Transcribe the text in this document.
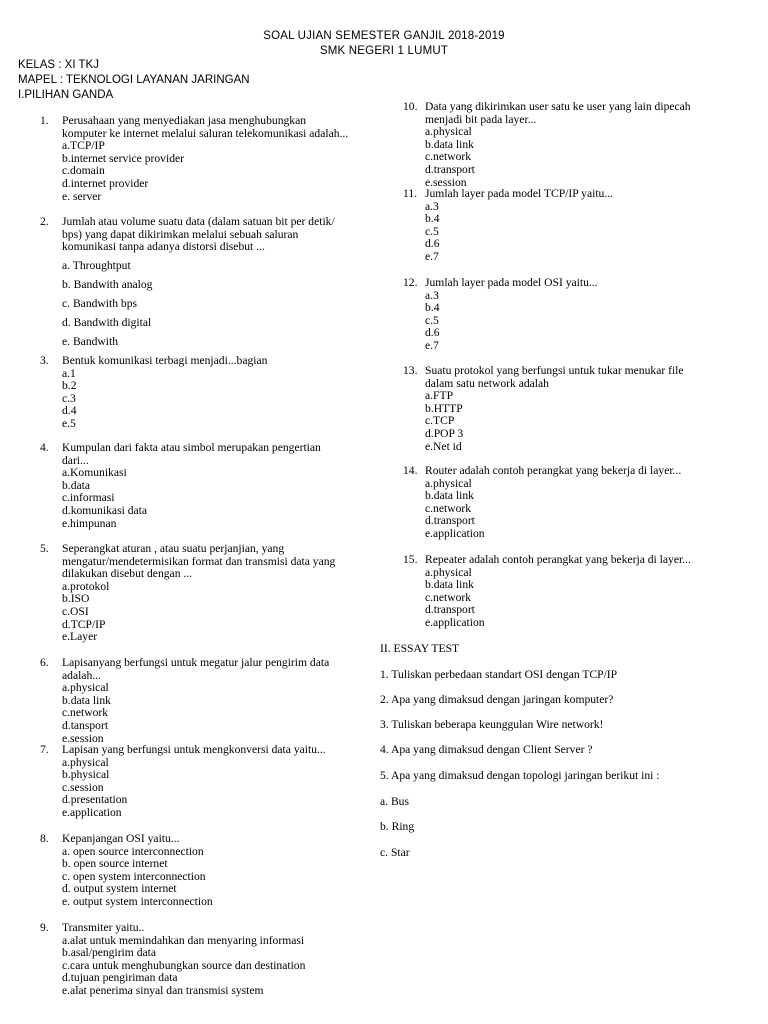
SOAL UJIAN SEMESTER GANJIL 2018-2019
SMK NEGERI 1 LUMUT
KELAS : XI TKJ
MAPEL : TEKNOLOGI LAYANAN JARINGAN
I.PILIHAN GANDA
1. Perusahaan yang menyediakan jasa menghubungkan
komputer ke internet melalui saluran telekomunikasi adalah...
a.TCP/IP
b.internet service provider
c.domain
d.internet provider
e. server
2. Jumlah atau volume suatu data (dalam satuan bit per detik/
bps) yang dapat dikirimkan melalui sebuah saluran
komunikasi tanpa adanya distorsi disebut ...
a. Throughtput
b. Bandwith analog
c. Bandwith bps
d. Bandwith digital
e. Bandwith
3. Bentuk komunikasi terbagi menjadi...bagian
a.1
b.2
c.3
d.4
e.5
4. Kumpulan dari fakta atau simbol merupakan pengertian
dari...
a.Komunikasi
b.data
c.informasi
d.komunikasi data
e.himpunan
5. Seperangkat aturan , atau suatu perjanjian, yang
mengatur/mendetermisikan format dan transmisi data yang
dilakukan disebut dengan ...
a.protokol
b.ISO
c.OSI
d.TCP/IP
e.Layer
6. Lapisanyang berfungsi untuk megatur jalur pengirim data
adalah...
a.physical
b.data link
c.network
d.tansport
e.session
7. Lapisan yang berfungsi untuk mengkonversi data yaitu...
a.physical
b.physical
c.session
d.presentation
e.application
8. Kepanjangan OSI yaitu...
a. open source interconnection
b. open source internet
c. open system interconnection
d. output system internet
e. output system interconnection
9. Transmiter yaitu..
a.alat untuk memindahkan dan menyaring informasi
b.asal/pengirim data
c.cara untuk menghubungkan source dan destination
d.tujuan pengiriman data
e.alat penerima sinyal dan transmisi system
10. Data yang dikirimkan user satu ke user yang lain dipecah
menjadi bit pada layer...
a.physical
b.data link
c.network
d.transport
e.session
11. Jumlah layer pada model TCP/IP yaitu...
a.3
b.4
c.5
d.6
e.7
12. Jumlah layer pada model OSI yaitu...
a.3
b.4
c.5
d.6
e.7
13. Suatu protokol yang berfungsi untuk tukar menukar file
dalam satu network adalah
a.FTP
b.HTTP
c.TCP
d.POP 3
e.Net id
14. Router adalah contoh perangkat yang bekerja di layer...
a.physical
b.data link
c.network
d.transport
e.application
15. Repeater adalah contoh perangkat yang bekerja di layer...
a.physical
b.data link
c.network
d.transport
e.application
II. ESSAY TEST
1. Tuliskan perbedaan standart OSI dengan TCP/IP
2. Apa yang dimaksud dengan jaringan komputer?
3. Tuliskan beberapa keunggulan Wire network!
4. Apa yang dimaksud dengan Client Server ?
5. Apa yang dimaksud dengan topologi jaringan berikut ini :
a. Bus
b. Ring
c. Star
